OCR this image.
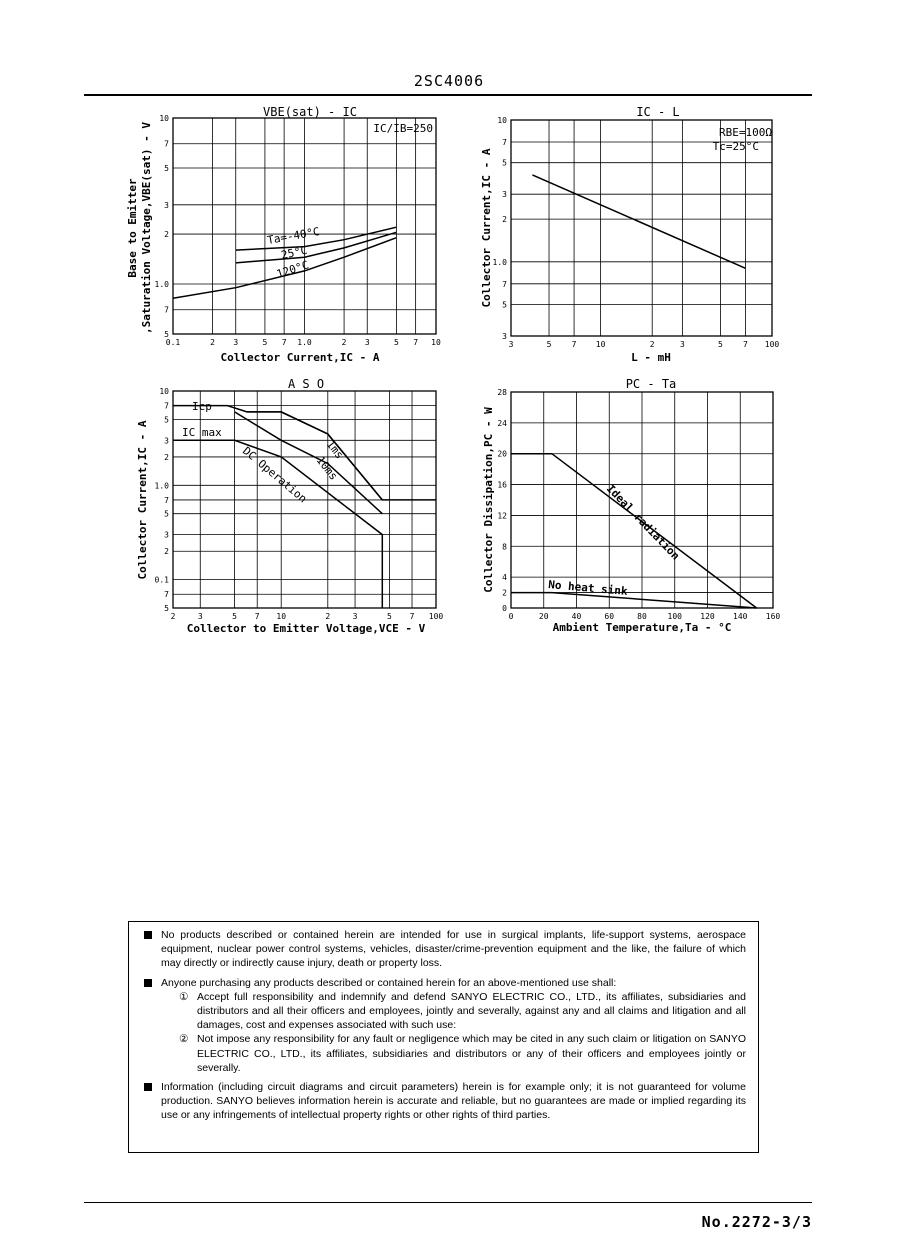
2SC4006
VBE(sat) - IC
IC/IB=250
0.1	2 3	5 7 1.0	2 3	5 7 10
10
7
5
3
2
1.0
7
5
Ta=-40°C
25°C
120°C
Collector Current,IC - A
Base to Emitter ,Saturation Voltage,VBE(sat) - V
IC - L
RBE=100Ω
Tc=25°C
3	5	7 10	2	3	5	7 100
10
7
5
3
2
1.0
7
5
3
L - mH
Collector Current,IC - A
A S O
2	3	5 7 10	2	3	5 7 100
10
7
5
3
2
1.0
7
5
3
2
0.1
7
5
Icp
IC max
1ms
10ms
DC Operation
Collector to Emitter Voltage,VCE - V
Collector Current,IC - A
PC - Ta
0	20	40	60	80	100 120 140 160
28
24
20
16
12
8
4
2
0
Ideal radiation
No heat sink
Ambient Temperature,Ta - °C
Collector Dissipation,PC - W
No products described or contained herein are intended for use in surgical implants, life-support systems, aerospace equipment, nuclear power control systems, vehicles, disaster/crime-prevention equipment and the like, the failure of which may directly or indirectly cause injury, death or property loss.
Anyone purchasing any products described or contained herein for an above-mentioned use shall:
① Accept full responsibility and indemnify and defend SANYO ELECTRIC CO., LTD., its affiliates, subsidiaries and distributors and all their officers and employees, jointly and severally, against any and all claims and litigation and all damages, cost and expenses associated with such use:
② Not impose any responsibility for any fault or negligence which may be cited in any such claim or litigation on SANYO ELECTRIC CO., LTD., its affiliates, subsidiaries and distributors or any of their officers and employees jointly or severally.
Information (including circuit diagrams and circuit parameters) herein is for example only; it is not guaranteed for volume production. SANYO believes information herein is accurate and reliable, but no guarantees are made or implied regarding its use or any infringements of intellectual property rights or other rights of third parties.
No.2272-3/3
